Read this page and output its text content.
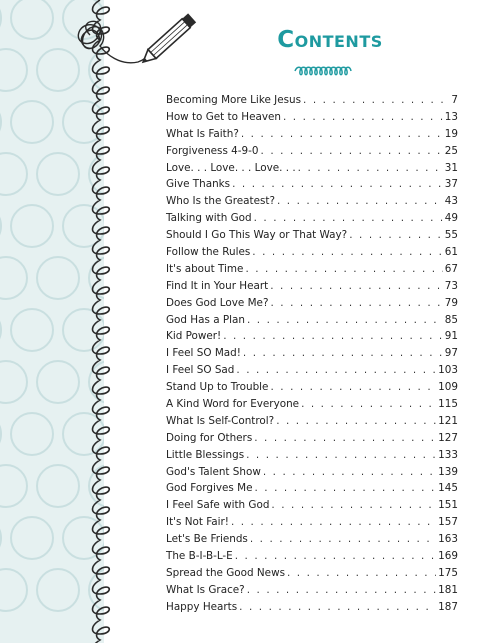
Contents
Becoming More Like Jesus . . .	7
How to Get to Heaven . . .	13
What Is Faith? . . .	19
Forgiveness 4-9-0 . . .	25
Love. . . Love. . . Love. . . . . .	31
Give Thanks . . .	37
Who Is the Greatest? . . .	43
Talking with God . . .	49
Should I Go This Way or That Way? . . .	55
Follow the Rules . . .	61
It's about Time . . .	67
Find It in Your Heart . . .	73
Does God Love Me? . . .	79
God Has a Plan . . .	85
Kid Power! . . .	91
I Feel SO Mad! . . .	97
I Feel SO Sad . . .	103
Stand Up to Trouble . . .	109
A Kind Word for Everyone . . .	115
What Is Self-Control? . . .	121
Doing for Others . . .	127
Little Blessings . . .	133
God's Talent Show . . .	139
God Forgives Me . . .	145
I Feel Safe with God . . .	151
It's Not Fair! . . .	157
Let's Be Friends . . .	163
The B-I-B-L-E . . .	169
Spread the Good News . . .	175
What Is Grace? . . .	181
Happy Hearts . . .	187
